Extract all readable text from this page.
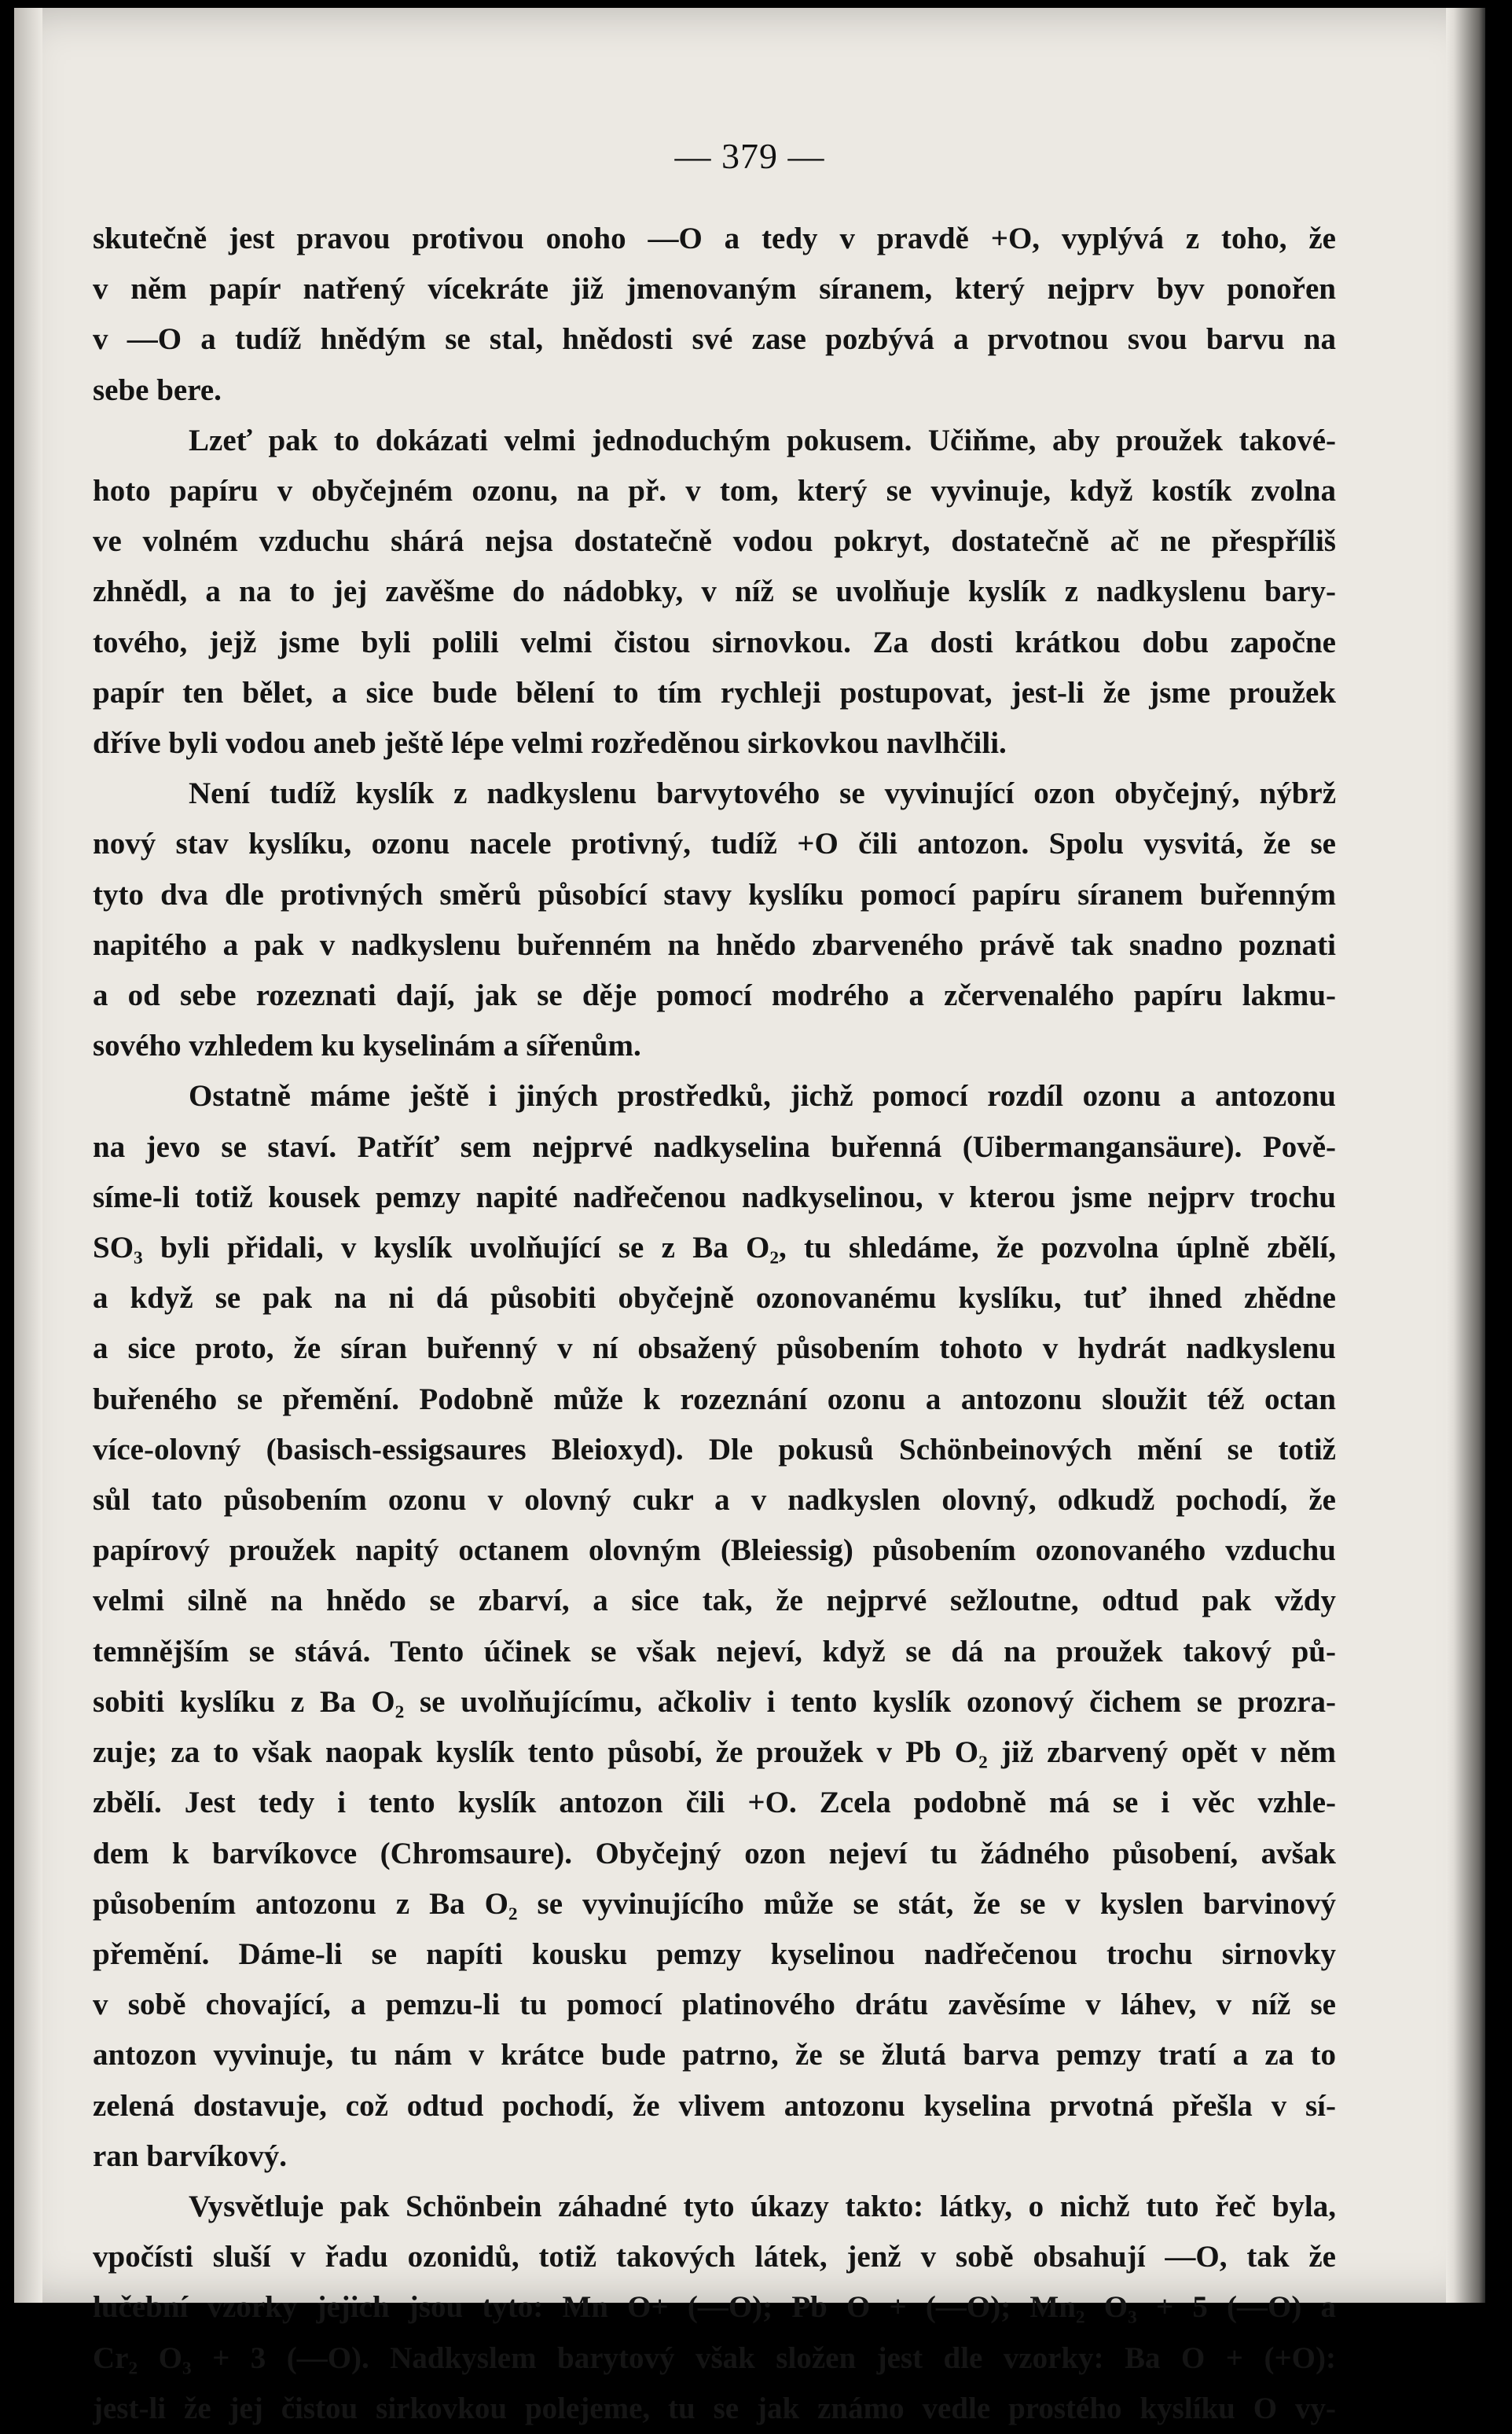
— 379 —
skutečně jest pravou protivou onoho —O a tedy v pravdě +O, vyplývá z toho, že
v něm papír natřený vícekráte již jmenovaným síranem, který nejprv byv ponořen
v —O a tudíž hnědým se stal, hnědosti své zase pozbývá a prvotnou svou barvu na
sebe bere.
Lzeť pak to dokázati velmi jednoduchým pokusem. Učiňme, aby proužek takové-
hoto papíru v obyčejném ozonu, na př. v tom, který se vyvinuje, když kostík zvolna
ve volném vzduchu shárá nejsa dostatečně vodou pokryt, dostatečně ač ne přespříliš
zhnědl, a na to jej zavěšme do nádobky, v níž se uvolňuje kyslík z nadkyslenu bary-
tového, jejž jsme byli polili velmi čistou sirnovkou. Za dosti krátkou dobu započne
papír ten bělet, a sice bude bělení to tím rychleji postupovat, jest-li že jsme proužek
dříve byli vodou aneb ještě lépe velmi rozředěnou sirkovkou navlhčili.
Není tudíž kyslík z nadkyslenu barvytového se vyvinující ozon obyčejný, nýbrž
nový stav kyslíku, ozonu nacele protivný, tudíž +O čili antozon. Spolu vysvitá, že se
tyto dva dle protivných směrů působící stavy kyslíku pomocí papíru síranem buřenným
napitého a pak v nadkyslenu buřenném na hnědo zbarveného právě tak snadno poznati
a od sebe rozeznati dají, jak se děje pomocí modrého a zčervenalého papíru lakmu-
sového vzhledem ku kyselinám a sířenům.
Ostatně máme ještě i jiných prostředků, jichž pomocí rozdíl ozonu a antozonu
na jevo se staví. Patříť sem nejprvé nadkyselina buřenná (Uibermangansäure). Pově-
síme-li totiž kousek pemzy napité nadřečenou nadkyselinou, v kterou jsme nejprv trochu
SO₃ byli přidali, v kyslík uvolňující se z Ba O₂, tu shledáme, že pozvolna úplně zbělí,
a když se pak na ni dá působiti obyčejně ozonovanému kyslíku, tuť ihned zhědne
a sice proto, že síran buřenný v ní obsažený působením tohoto v hydrát nadkyslenu
buřeného se přemění. Podobně může k rozeznání ozonu a antozonu sloužit též octan
více-olovný (basisch-essigsaures Bleioxyd). Dle pokusů Schönbeinových mění se totiž
sůl tato působením ozonu v olovný cukr a v nadkyslen olovný, odkudž pochodí, že
papírový proužek napitý octanem olovným (Bleiessig) působením ozonovaného vzduchu
velmi silně na hnědo se zbarví, a sice tak, že nejprvé sežloutne, odtud pak vždy
temnějším se stává. Tento účinek se však nejeví, když se dá na proužek takový pů-
sobiti kyslíku z Ba O₂ se uvolňujícímu, ačkoliv i tento kyslík ozonový čichem se prozra-
zuje; za to však naopak kyslík tento působí, že proužek v Pb O₂ již zbarvený opět v něm
zbělí. Jest tedy i tento kyslík antozon čili +O. Zcela podobně má se i věc vzhle-
dem k barvíkovce (Chromsaure). Obyčejný ozon nejeví tu žádného působení, avšak
působením antozonu z Ba O₂ se vyvinujícího může se stát, že se v kyslen barvinový
přemění. Dáme-li se napíti kousku pemzy kyselinou nadřečenou trochu sirnovky
v sobě chovající, a pemzu-li tu pomocí platinového drátu zavěsíme v láhev, v níž se
antozon vyvinuje, tu nám v krátce bude patrno, že se žlutá barva pemzy tratí a za to
zelená dostavuje, což odtud pochodí, že vlivem antozonu kyselina prvotná přešla v sí-
ran barvíkový.
Vysvětluje pak Schönbein záhadné tyto úkazy takto: látky, o nichž tuto řeč byla,
vpočísti sluší v řadu ozonidů, totiž takových látek, jenž v sobě obsahují —O, tak že
lučební vzorky jejich jsou tyto: Mn O+ (—O); Pb O + (—O); Mn₂ O₃ + 5 (—O) a
Cr₂ O₃ + 3 (—O). Nadkyslem barytový však složen jest dle vzorky: Ba O + (+O):
jest-li že jej čistou sirkovkou polejeme, tu se jak známo vedle prostého kyslíku O vy-
